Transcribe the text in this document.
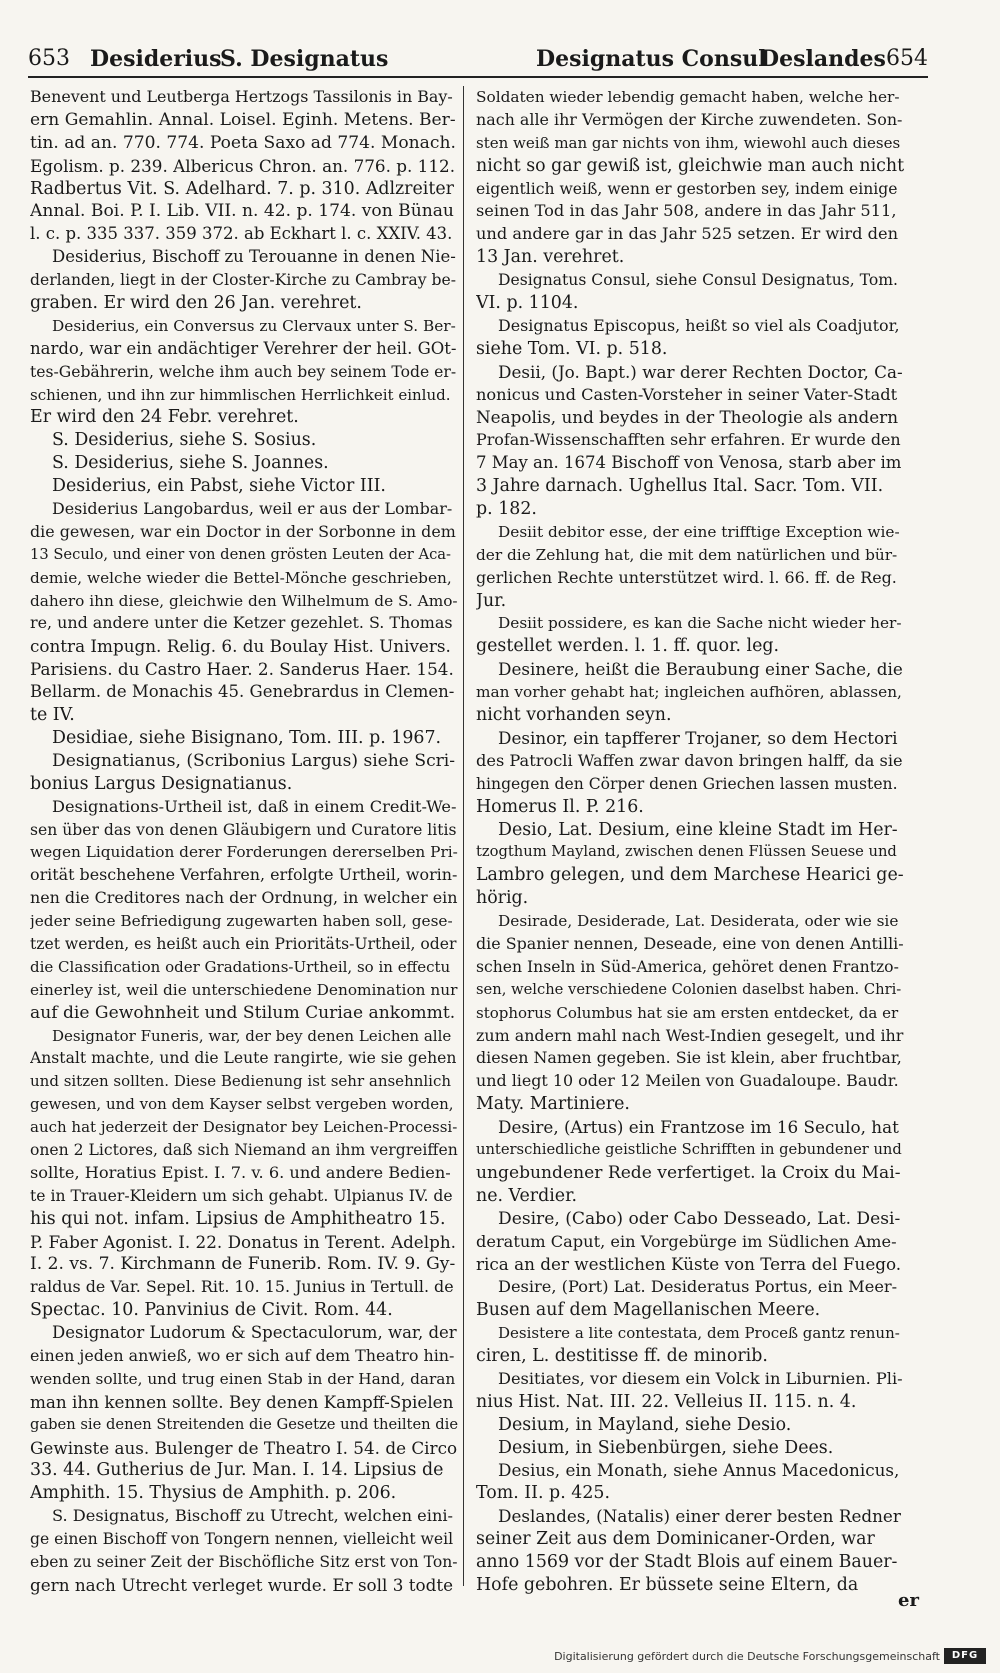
653 Desiderius
S. Designatus	Designatus Consul
Deslandes 654
Benevent und Leutberga Hertzogs Tassilonis in Bay-
ern Gemahlin. Annal. Loisel. Eginh. Metens. Ber-
tin. ad an. 770. 774. Poeta Saxo ad 774. Monach.
Egolism. p. 239. Albericus Chron. an. 776. p. 112.
Radbertus Vit. S. Adelhard. 7. p. 310. Adlzreiter
Annal. Boi. P. I. Lib. VII. n. 42. p. 174. von Bünau
l. c. p. 335 337. 359 372. ab Eckhart l. c. XXIV. 43.
Desiderius, Bischoff zu Terouanne in denen Nie-
derlanden, liegt in der Closter-Kirche zu Cambray be-
graben. Er wird den 26 Jan. verehret.
Desiderius, ein Conversus zu Clervaux unter S. Ber-
nardo, war ein andächtiger Verehrer der heil. GOt-
tes-Gebährerin, welche ihm auch bey seinem Tode er-
schienen, und ihn zur himmlischen Herrlichkeit einlud.
Er wird den 24 Febr. verehret.
S. Desiderius, siehe S. Sosius.
S. Desiderius, siehe S. Joannes.
Desiderius, ein Pabst, siehe Victor III.
Desiderius Langobardus, weil er aus der Lombar-
die gewesen, war ein Doctor in der Sorbonne in dem
13 Seculo, und einer von denen grösten Leuten der Aca-
demie, welche wieder die Bettel-Mönche geschrieben,
dahero ihn diese, gleichwie den Wilhelmum de S. Amo-
re, und andere unter die Ketzer gezehlet. S. Thomas
contra Impugn. Relig. 6. du Boulay Hist. Univers.
Parisiens. du Castro Haer. 2. Sanderus Haer. 154.
Bellarm. de Monachis 45. Genebrardus in Clemen-
te IV.
Desidiae, siehe Bisignano, Tom. III. p. 1967.
Designatianus, (Scribonius Largus) siehe Scri-
bonius Largus Designatianus.
Designations-Urtheil ist, daß in einem Credit-We-
sen über das von denen Gläubigern und Curatore litis
wegen Liquidation derer Forderungen dererselben Pri-
orität beschehene Verfahren, erfolgte Urtheil, worin-
nen die Creditores nach der Ordnung, in welcher ein
jeder seine Befriedigung zugewarten haben soll, gese-
tzet werden, es heißt auch ein Prioritäts-Urtheil, oder
die Classification oder Gradations-Urtheil, so in effectu
einerley ist, weil die unterschiedene Denomination nur
auf die Gewohnheit und Stilum Curiae ankommt.
Designator Funeris, war, der bey denen Leichen alle
Anstalt machte, und die Leute rangirte, wie sie gehen
und sitzen sollten. Diese Bedienung ist sehr ansehnlich
gewesen, und von dem Kayser selbst vergeben worden,
auch hat jederzeit der Designator bey Leichen-Processi-
onen 2 Lictores, daß sich Niemand an ihm vergreiffen
sollte, Horatius Epist. I. 7. v. 6. und andere Bedien-
te in Trauer-Kleidern um sich gehabt. Ulpianus IV. de
his qui not. infam. Lipsius de Amphitheatro 15.
P. Faber Agonist. I. 22. Donatus in Terent. Adelph.
I. 2. vs. 7. Kirchmann de Funerib. Rom. IV. 9. Gy-
raldus de Var. Sepel. Rit. 10. 15. Junius in Tertull. de
Spectac. 10. Panvinius de Civit. Rom. 44.
Designator Ludorum & Spectaculorum, war, der
einen jeden anwieß, wo er sich auf dem Theatro hin-
wenden sollte, und trug einen Stab in der Hand, daran
man ihn kennen sollte. Bey denen Kampff-Spielen
gaben sie denen Streitenden die Gesetze und theilten die
Gewinste aus. Bulenger de Theatro I. 54. de Circo
33. 44. Gutherius de Jur. Man. I. 14. Lipsius de
Amphith. 15. Thysius de Amphith. p. 206.
S. Designatus, Bischoff zu Utrecht, welchen eini-
ge einen Bischoff von Tongern nennen, vielleicht weil
eben zu seiner Zeit der Bischöfliche Sitz erst von Ton-
gern nach Utrecht verleget wurde. Er soll 3 todte
Soldaten wieder lebendig gemacht haben, welche her-
nach alle ihr Vermögen der Kirche zuwendeten. Son-
sten weiß man gar nichts von ihm, wiewohl auch dieses
nicht so gar gewiß ist, gleichwie man auch nicht
eigentlich weiß, wenn er gestorben sey, indem einige
seinen Tod in das Jahr 508, andere in das Jahr 511,
und andere gar in das Jahr 525 setzen. Er wird den
13 Jan. verehret.
Designatus Consul, siehe Consul Designatus, Tom.
VI. p. 1104.
Designatus Episcopus, heißt so viel als Coadjutor,
siehe Tom. VI. p. 518.
Desii, (Jo. Bapt.) war derer Rechten Doctor, Ca-
nonicus und Casten-Vorsteher in seiner Vater-Stadt
Neapolis, und beydes in der Theologie als andern
Profan-Wissenschafften sehr erfahren. Er wurde den
7 May an. 1674 Bischoff von Venosa, starb aber im
3 Jahre darnach. Ughellus Ital. Sacr. Tom. VII.
p. 182.
Desiit debitor esse, der eine trifftige Exception wie-
der die Zehlung hat, die mit dem natürlichen und bür-
gerlichen Rechte unterstützet wird. l. 66. ff. de Reg.
Jur.
Desiit possidere, es kan die Sache nicht wieder her-
gestellet werden. l. 1. ff. quor. leg.
Desinere, heißt die Beraubung einer Sache, die
man vorher gehabt hat; ingleichen aufhören, ablassen,
nicht vorhanden seyn.
Desinor, ein tapfferer Trojaner, so dem Hectori
des Patrocli Waffen zwar davon bringen halff, da sie
hingegen den Cörper denen Griechen lassen musten.
Homerus Il. P. 216.
Desio, Lat. Desium, eine kleine Stadt im Her-
tzogthum Mayland, zwischen denen Flüssen Seuese und
Lambro gelegen, und dem Marchese Hearici ge-
hörig.
Desirade, Desiderade, Lat. Desiderata, oder wie sie
die Spanier nennen, Deseade, eine von denen Antilli-
schen Inseln in Süd-America, gehöret denen Frantzo-
sen, welche verschiedene Colonien daselbst haben. Chri-
stophorus Columbus hat sie am ersten entdecket, da er
zum andern mahl nach West-Indien gesegelt, und ihr
diesen Namen gegeben. Sie ist klein, aber fruchtbar,
und liegt 10 oder 12 Meilen von Guadaloupe. Baudr.
Maty. Martiniere.
Desire, (Artus) ein Frantzose im 16 Seculo, hat
unterschiedliche geistliche Schrifften in gebundener und
ungebundener Rede verfertiget. la Croix du Mai-
ne. Verdier.
Desire, (Cabo) oder Cabo Desseado, Lat. Desi-
deratum Caput, ein Vorgebürge im Südlichen Ame-
rica an der westlichen Küste von Terra del Fuego.
Desire, (Port) Lat. Desideratus Portus, ein Meer-
Busen auf dem Magellanischen Meere.
Desistere a lite contestata, dem Proceß gantz renun-
ciren, L. destitisse ff. de minorib.
Desitiates, vor diesem ein Volck in Liburnien. Pli-
nius Hist. Nat. III. 22. Velleius II. 115. n. 4.
Desium, in Mayland, siehe Desio.
Desium, in Siebenbürgen, siehe Dees.
Desius, ein Monath, siehe Annus Macedonicus,
Tom. II. p. 425.
Deslandes, (Natalis) einer derer besten Redner
seiner Zeit aus dem Dominicaner-Orden, war
anno 1569 vor der Stadt Blois auf einem Bauer-
Hofe gebohren. Er büssete seine Eltern, da
er
Digitalisierung gefördert durch die Deutsche Forschungsgemeinschaft	DFG
